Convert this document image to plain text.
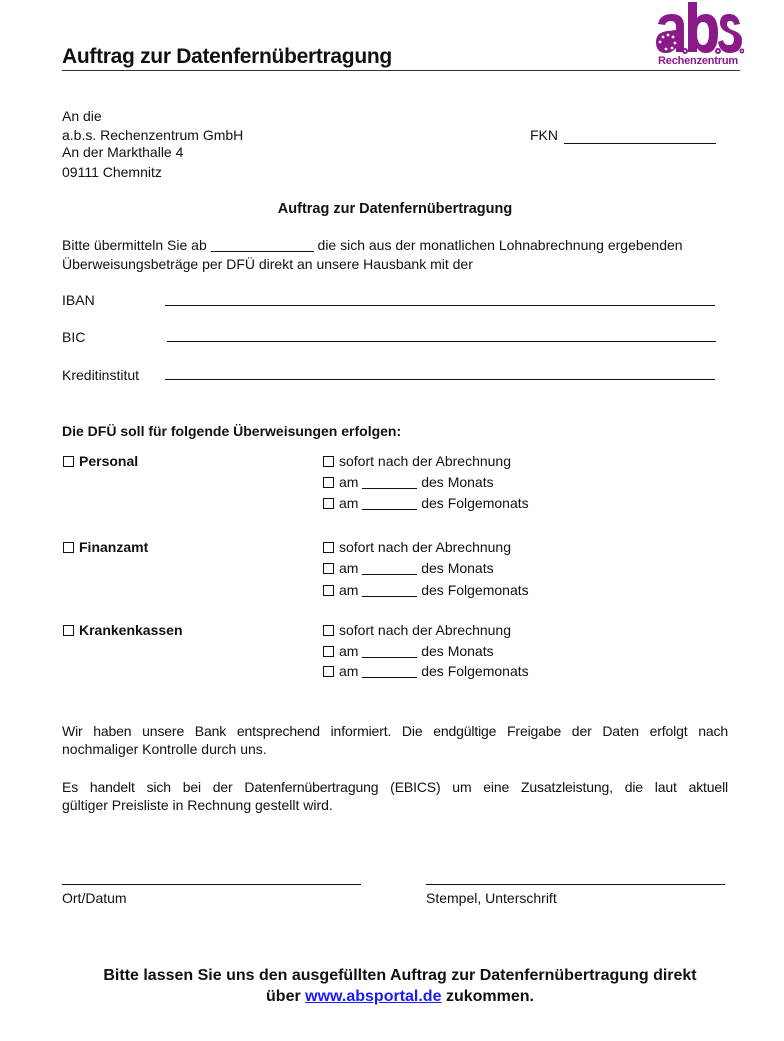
Auftrag zur Datenfernübertragung	Rechenzentrum
An die
a.b.s. Rechenzentrum GmbH
An der Markthalle 4
09111 Chemnitz
FKN
Auftrag zur Datenfernübertragung
Bitte übermitteln Sie ab	die sich aus der monatlichen Lohnabrechnung ergebenden
Überweisungsbeträge per DFÜ direkt an unsere Hausbank mit der
IBAN
BIC
Kreditinstitut
Die DFÜ soll für folgende Überweisungen erfolgen:
Personal	sofort nach der Abrechnung
am	des Monats
am	des Folgemonats
Finanzamt	sofort nach der Abrechnung
am	des Monats
am	des Folgemonats
Krankenkassen	sofort nach der Abrechnung
am	des Monats
am	des Folgemonats
Wir haben unsere Bank entsprechend informiert. Die endgültige Freigabe der Daten erfolgt nach
nochmaliger Kontrolle durch uns.
Es handelt sich bei der Datenfernübertragung (EBICS) um eine Zusatzleistung, die laut aktuell
gültiger Preisliste in Rechnung gestellt wird.
Ort/Datum	Stempel, Unterschrift
Bitte lassen Sie uns den ausgefüllten Auftrag zur Datenfernübertragung direkt
über www.absportal.de zukommen.
